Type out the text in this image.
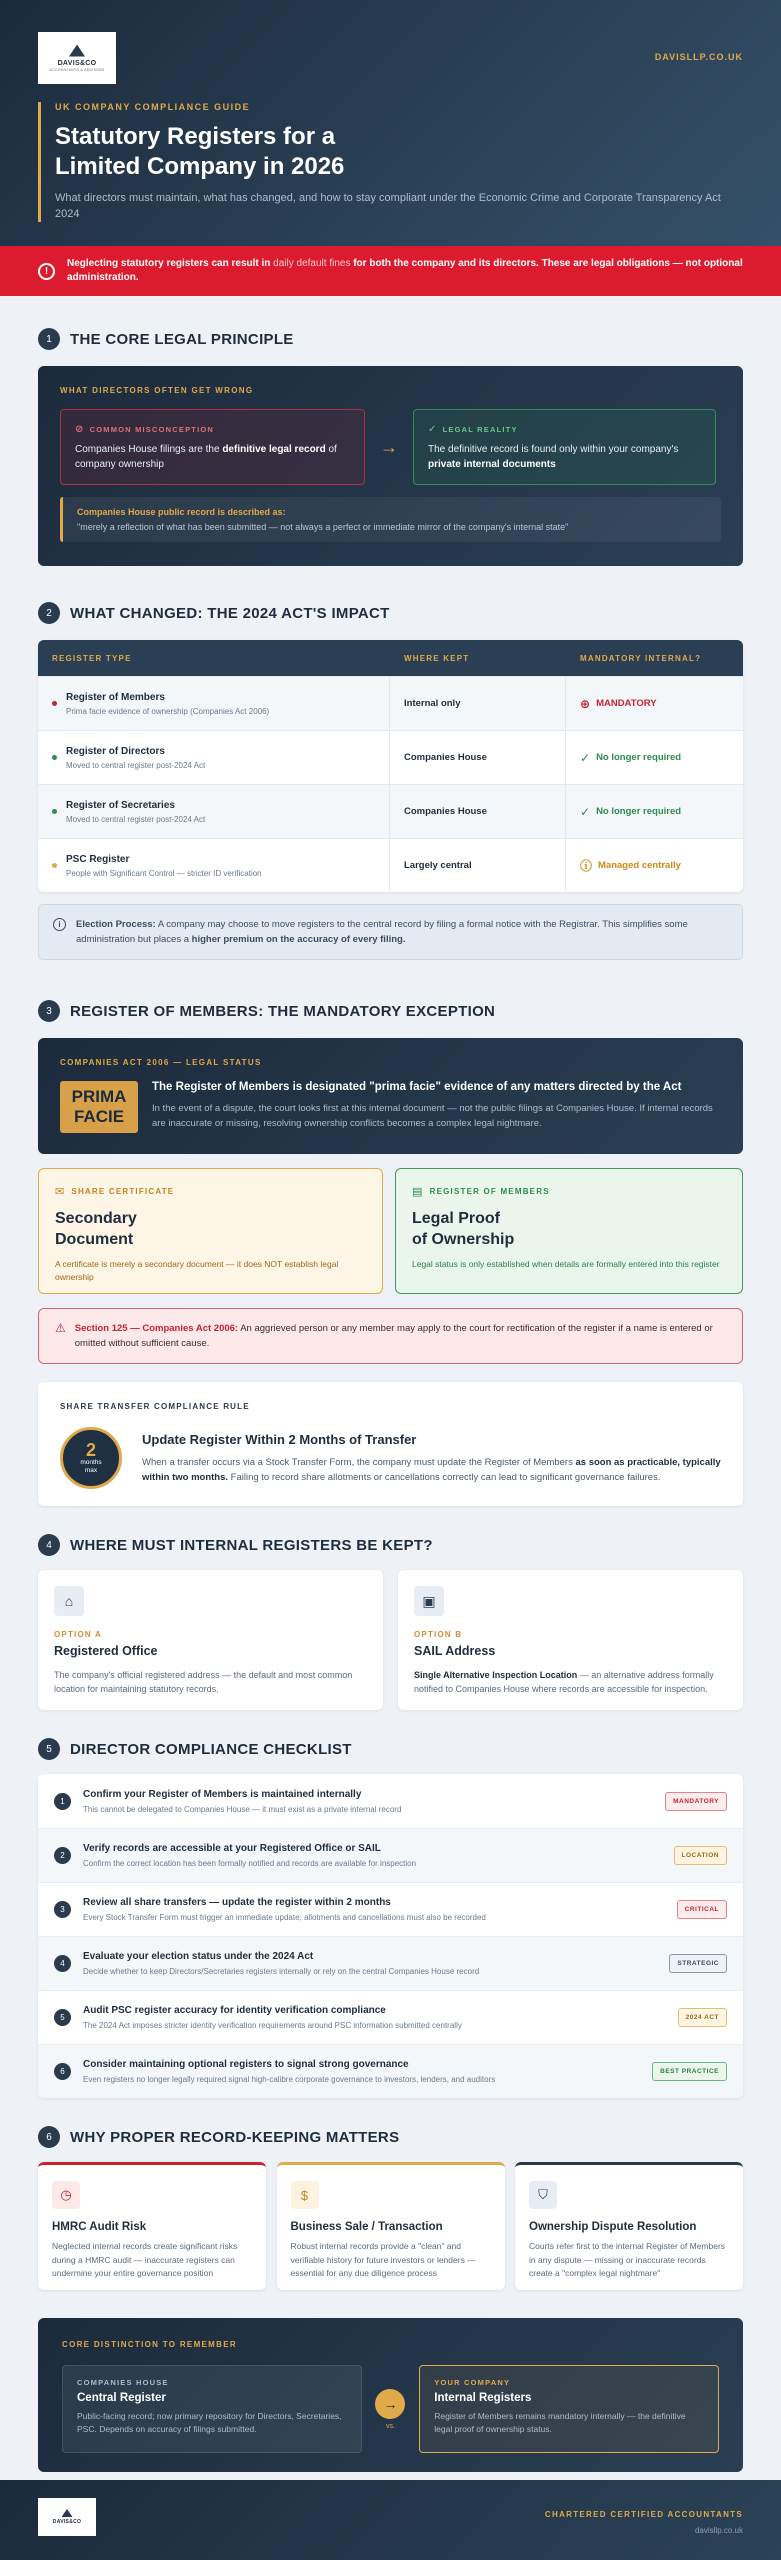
DAVIS&CO
ACCOUNTANTS & ADVISORS
DAVISLLP.CO.UK
UK COMPANY COMPLIANCE GUIDE
Statutory Registers for a Limited Company in 2026

What directors must maintain, what has changed, and how to stay compliant under the Economic Crime and Corporate Transparency Act 2024

!
Neglecting statutory registers can result in daily default fines for both the company and its directors. These are legal obligations — not optional administration.
1	THE CORE LEGAL PRINCIPLE
WHAT DIRECTORS OFTEN GET WRONG
⊘ COMMON MISCONCEPTION
Companies House filings are the definitive legal record of company ownership
→
✓ LEGAL REALITY
The definitive record is found only within your company's private internal documents
Companies House public record is described as:
"merely a reflection of what has been submitted — not always a perfect or immediate mirror of the company's internal state"
2	WHAT CHANGED: THE 2024 ACT'S IMPACT
REGISTER TYPE	WHERE KEPT	MANDATORY INTERNAL?
Register of Members
Prima facie evidence of ownership (Companies Act 2006)
Internal only	⊕ MANDATORY
Register of Directors
Moved to central register post-2024 Act
Companies House	✓ No longer required
Register of Secretaries
Moved to central register post-2024 Act
Companies House	✓ No longer required
PSC Register
People with Significant Control — stricter ID verification
Largely central	ⓘ Managed centrally
i	Election Process: A company may choose to move registers to the central record by filing a formal notice with the Registrar. This simplifies some administration but places a higher premium on the accuracy of every filing.
3	REGISTER OF MEMBERS: THE MANDATORY EXCEPTION
COMPANIES ACT 2006 — LEGAL STATUS
PRIMA
FACIE
The Register of Members is designated "prima facie" evidence of any matters directed by the Act
In the event of a dispute, the court looks first at this internal document — not the public filings at Companies House. If internal records are inaccurate or missing, resolving ownership conflicts becomes a complex legal nightmare.
✉ SHARE CERTIFICATE
Secondary
Document
A certificate is merely a secondary document — it does NOT establish legal ownership
▤ REGISTER OF MEMBERS
Legal Proof
of Ownership
Legal status is only established when details are formally entered into this register
⚠ Section 125 — Companies Act 2006: An aggrieved person or any member may apply to the court for rectification of the register if a name is entered or omitted without sufficient cause.
SHARE TRANSFER COMPLIANCE RULE
2
months
max
Update Register Within 2 Months of Transfer
When a transfer occurs via a Stock Transfer Form, the company must update the Register of Members as soon as practicable, typically within two months. Failing to record share allotments or cancellations correctly can lead to significant governance failures.
4	WHERE MUST INTERNAL REGISTERS BE KEPT?
⌂
OPTION A
Registered Office
The company's official registered address — the default and most common location for maintaining statutory records.
▣
OPTION B
SAIL Address
Single Alternative Inspection Location — an alternative address formally notified to Companies House where records are accessible for inspection.
5	DIRECTOR COMPLIANCE CHECKLIST
1
Confirm your Register of Members is maintained internally
This cannot be delegated to Companies House — it must exist as a private internal record
MANDATORY
2
Verify records are accessible at your Registered Office or SAIL
Confirm the correct location has been formally notified and records are available for inspection
LOCATION
3
Review all share transfers — update the register within 2 months
Every Stock Transfer Form must trigger an immediate update; allotments and cancellations must also be recorded
CRITICAL
4
Evaluate your election status under the 2024 Act
Decide whether to keep Directors/Secretaries registers internally or rely on the central Companies House record
STRATEGIC
5
Audit PSC register accuracy for identity verification compliance
The 2024 Act imposes stricter identity verification requirements around PSC information submitted centrally
2024 ACT
6
Consider maintaining optional registers to signal strong governance
Even registers no longer legally required signal high-calibre corporate governance to investors, lenders, and auditors
BEST PRACTICE
6	WHY PROPER RECORD-KEEPING MATTERS
◷
HMRC Audit Risk
Neglected internal records create significant risks during a HMRC audit — inaccurate registers can undermine your entire governance position
$
Business Sale / Transaction
Robust internal records provide a "clean" and verifiable history for future investors or lenders — essential for any due diligence process
⛉
Ownership Dispute Resolution
Courts refer first to the internal Register of Members in any dispute — missing or inaccurate records create a "complex legal nightmare"
CORE DISTINCTION TO REMEMBER
COMPANIES HOUSE
Central Register
Public-facing record; now primary repository for Directors, Secretaries, PSC. Depends on accuracy of filings submitted.
→
vs.
YOUR COMPANY
Internal Registers
Register of Members remains mandatory internally — the definitive legal proof of ownership status.
DAVIS&CO
CHARTERED CERTIFIED ACCOUNTANTS
davisllp.co.uk
